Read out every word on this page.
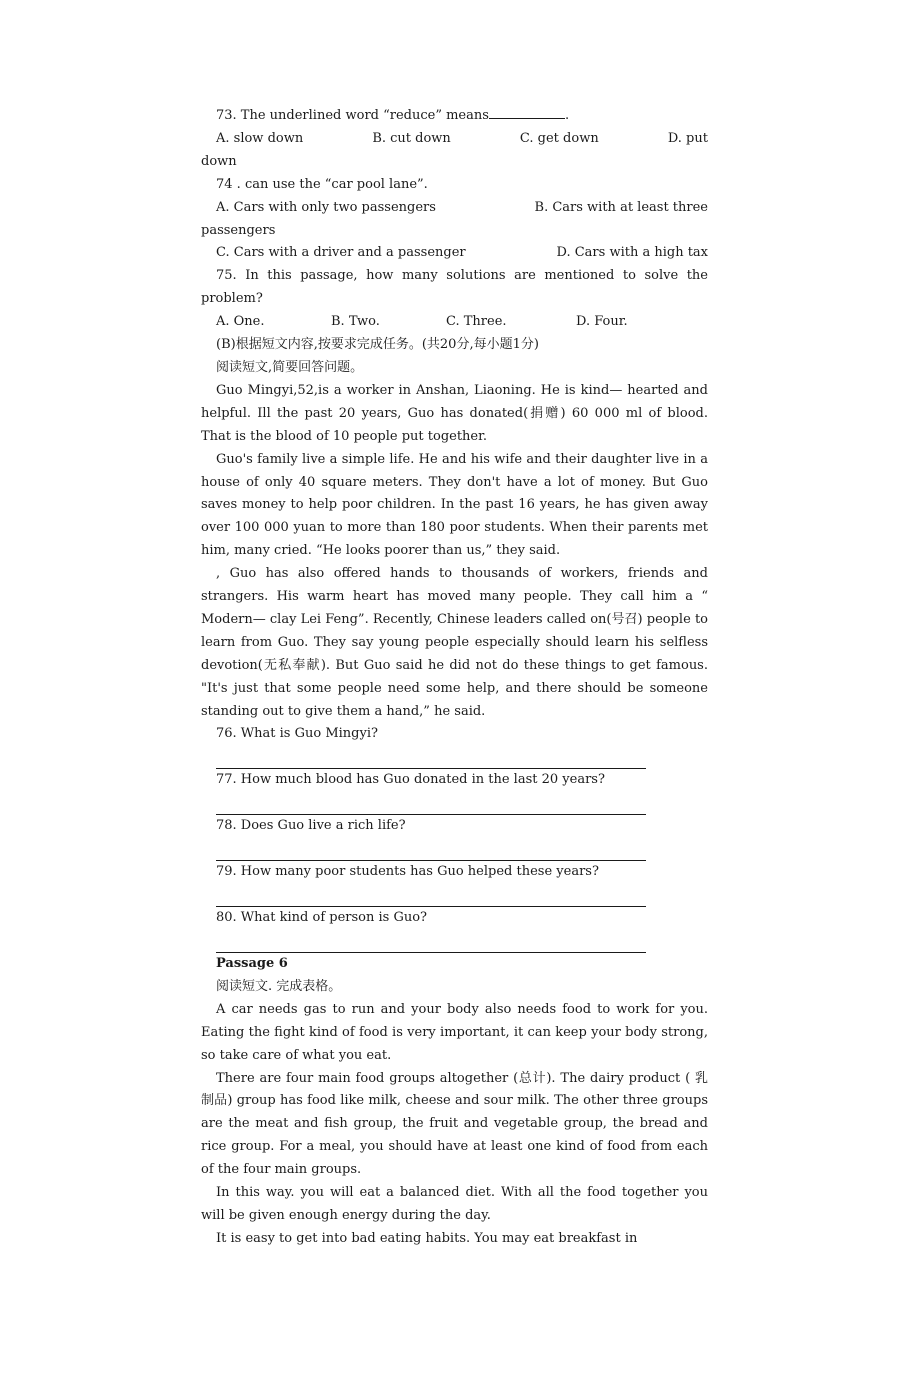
73. The underlined word “reduce” means	.

A. slow down	B. cut down	C. get down	D. put

down

74 . can use the “car pool lane”.

A. Cars with only two passengers	B. Cars with at least three

passengers

C. Cars with a driver and a passenger	D. Cars with a high tax

75. In this passage, how many solutions are mentioned to solve the problem?

A. One.	B. Two.	C. Three.	D. Four.

(B)根据短文内容,按要求完成任务。(共20分,每小题1分)

阅读短文,简要回答问题。

Guo Mingyi,52,is a worker in Anshan, Liaoning. He is kind— hearted and helpful. Ill the past 20 years, Guo has donated(捐赠) 60 000 ml of blood. That is the blood of 10 people put together.

Guo's family live a simple life. He and his wife and their daughter live in a house of only 40 square meters. They don't have a lot of money. But Guo saves money to help poor children. In the past 16 years, he has given away over 100 000 yuan to more than 180 poor students. When their parents met him, many cried. “He looks poorer than us,” they said.

, Guo has also offered hands to thousands of workers, friends and strangers. His warm heart has moved many people. They call him a “ Modern— clay Lei Feng”. Recently, Chinese leaders called on(号召) people to learn from Guo. They say young people especially should learn his selfless devotion(无私奉献). But Guo said he did not do these things to get famous. "It's just that some people need some help, and there should be someone standing out to give them a hand,” he said.

76. What is Guo Mingyi?

77. How much blood has Guo donated in the last 20 years?

78. Does Guo live a rich life?

79. How many poor students has Guo helped these years?

80. What kind of person is Guo?

Passage 6

阅读短文. 完成表格。

A car needs gas to run and your body also needs food to work for you. Eating the fight kind of food is very important, it can keep your body strong, so take care of what you eat.

There are four main food groups altogether (总计). The dairy product ( 乳制品) group has food like milk, cheese and sour milk. The other three groups are the meat and fish group, the fruit and vegetable group, the bread and rice group. For a meal, you should have at least one kind of food from each of the four main groups.

In this way. you will eat a balanced diet. With all the food together you will be given enough energy during the day.

It is easy to get into bad eating habits. You may eat breakfast in
